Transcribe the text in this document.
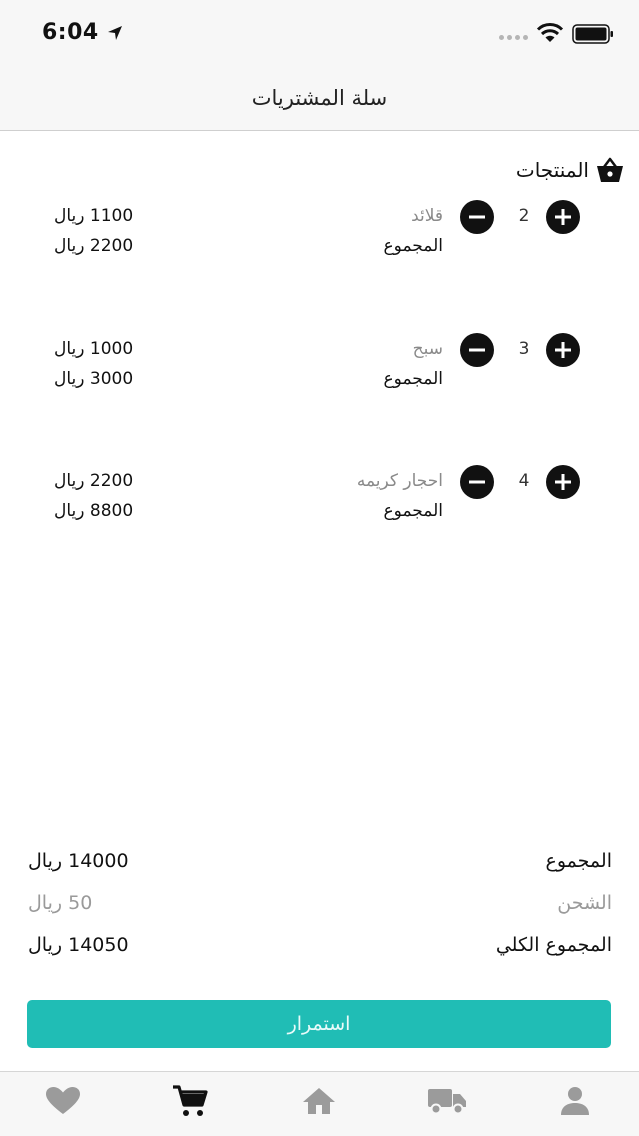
6:04
سلة المشتريات
المنتجات
2
قلائد
المجموع
1100 ريال
2200 ريال
3
سبح
المجموع
1000 ريال
3000 ريال
4
احجار كريمه
المجموع
2200 ريال
8800 ريال
المجموع
14000 ريال
الشحن
50 ريال
المجموع الكلي
14050 ريال
استمرار
